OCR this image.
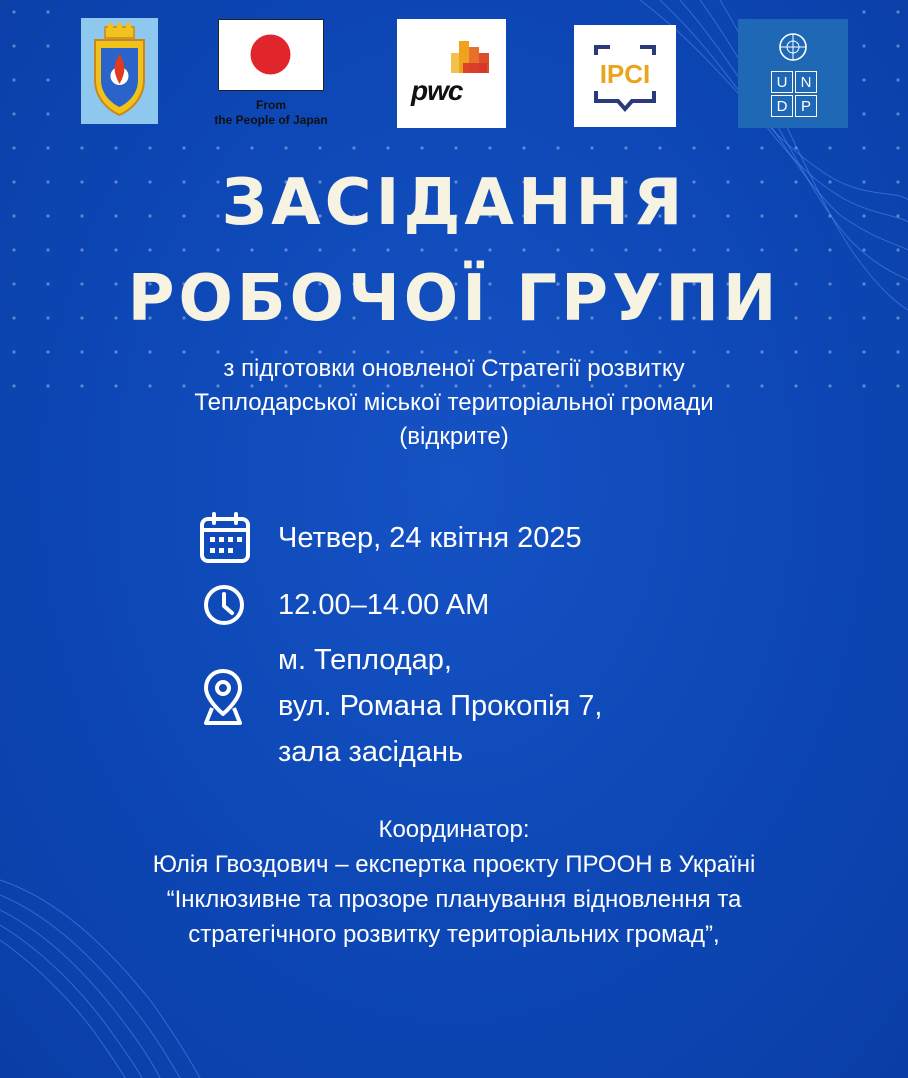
From
the People of Japan
pwc
IPCI	U N
D P
ЗАСІДАННЯ
РОБОЧОЇ ГРУПИ
з підготовки оновленої Стратегії розвитку
Теплодарської міської територіальної громади
(відкрите)
Четвер, 24 квітня 2025
12.00–14.00 AM
м. Теплодар,
вул. Романа Прокопія 7,
зала засідань
Координатор:
Юлія Гвоздович – експертка проєкту ПРООН в Україні
“Інклюзивне та прозоре планування відновлення та
стратегічного розвитку територіальних громад”,
